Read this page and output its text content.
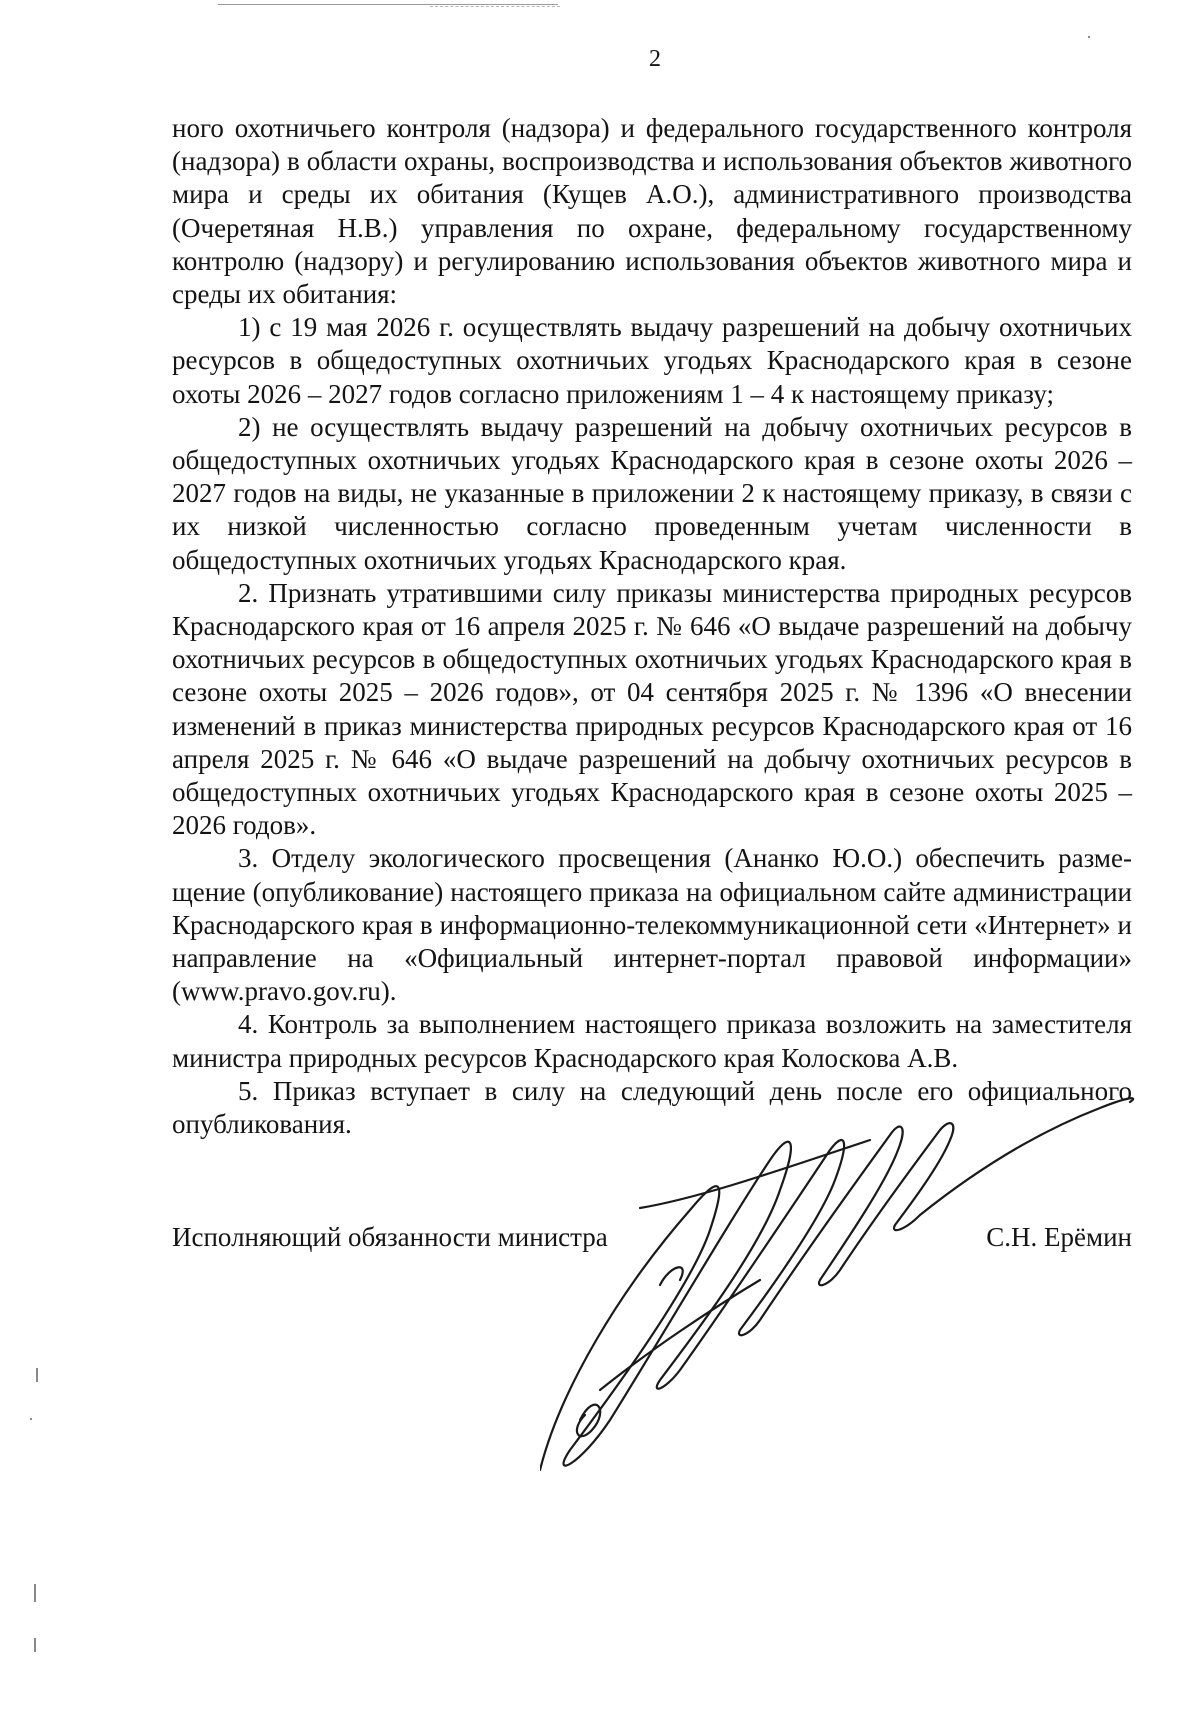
2

ного охотничьего контроля (надзора) и федерального государственного контроля (надзора) в области охраны, воспроизводства и использования объектов животного мира и среды их обитания (Кущев А.О.), административного производства (Очеретяная Н.В.) управления по охране, федеральному государственному контролю (надзору) и регулированию использования объектов животного мира и среды их обитания:

1) с 19 мая 2026 г. осуществлять выдачу разрешений на добычу охотничьих ресурсов в общедоступных охотничьих угодьях Краснодарского края в сезоне охоты 2026 – 2027 годов согласно приложениям 1 – 4 к настоящему приказу;

2) не осуществлять выдачу разрешений на добычу охотничьих ресурсов в общедоступных охотничьих угодьях Краснодарского края в сезоне охоты 2026 – 2027 годов на виды, не указанные в приложении 2 к настоящему приказу, в связи с их низкой численностью согласно проведенным учетам численности в общедоступных охотничьих угодьях Краснодарского края.

2. Признать утратившими силу приказы министерства природных ресурсов Краснодарского края от 16 апреля 2025 г. № 646 «О выдаче разрешений на добычу охотничьих ресурсов в общедоступных охотничьих угодьях Краснодарского края в сезоне охоты 2025 – 2026 годов», от 04 сентября 2025 г. № 1396 «О внесении изменений в приказ министерства природных ресурсов Краснодарского края от 16 апреля 2025 г. № 646 «О выдаче разрешений на добычу охотничьих ресурсов в общедоступных охотничьих угодьях Краснодарского края в сезоне охоты 2025 – 2026 годов».

3. Отделу экологического просвещения (Ананко Ю.О.) обеспечить размещение (опубликование) настоящего приказа на официальном сайте администрации Краснодарского края в информационно-телекоммуникационной сети «Интернет» и направление на «Официальный интернет-портал правовой информации» (www.pravo.gov.ru).

4. Контроль за выполнением настоящего приказа возложить на заместителя министра природных ресурсов Краснодарского края Колоскова А.В.

5. Приказ вступает в силу на следующий день после его официального опубликования.

Исполняющий обязанности министра	С.Н. Ерёмин
